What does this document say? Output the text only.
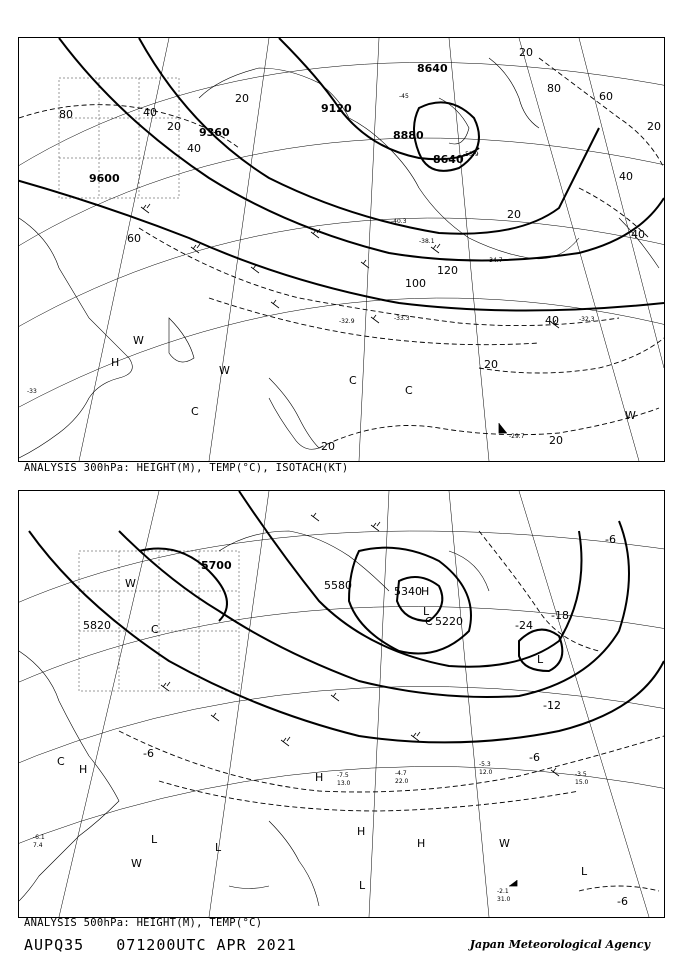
9600
9360
9120
8640
8880
8640
80	40
20
60
40
20
120
100
40
20
20	20
60
80
20
40
20
40
20
-33
-29.7
-32.9	-33.3	-32.3
-34.7
-38.1
-40.3
-45
-53.9
H
W
W
C
C
C
W
ANALYSIS 300hPa: HEIGHT(M), TEMP(°C), ISOTACH(KT)
5700
5580
5820
5340
5220	-24
-18
-12
-6	-6
-6
-6
-2.1
31.0
-3.5
15.0
-5.3
12.0
-4.7
22.0
-7.5
13.0
-6.1
7.4
W
C
L
H
H
H
H
L
L
L
W
L
W
C
H
L
C
ANALYSIS 500hPa: HEIGHT(M), TEMP(°C)
AUPQ35 071200UTC APR 2021	Japan Meteorological Agency
